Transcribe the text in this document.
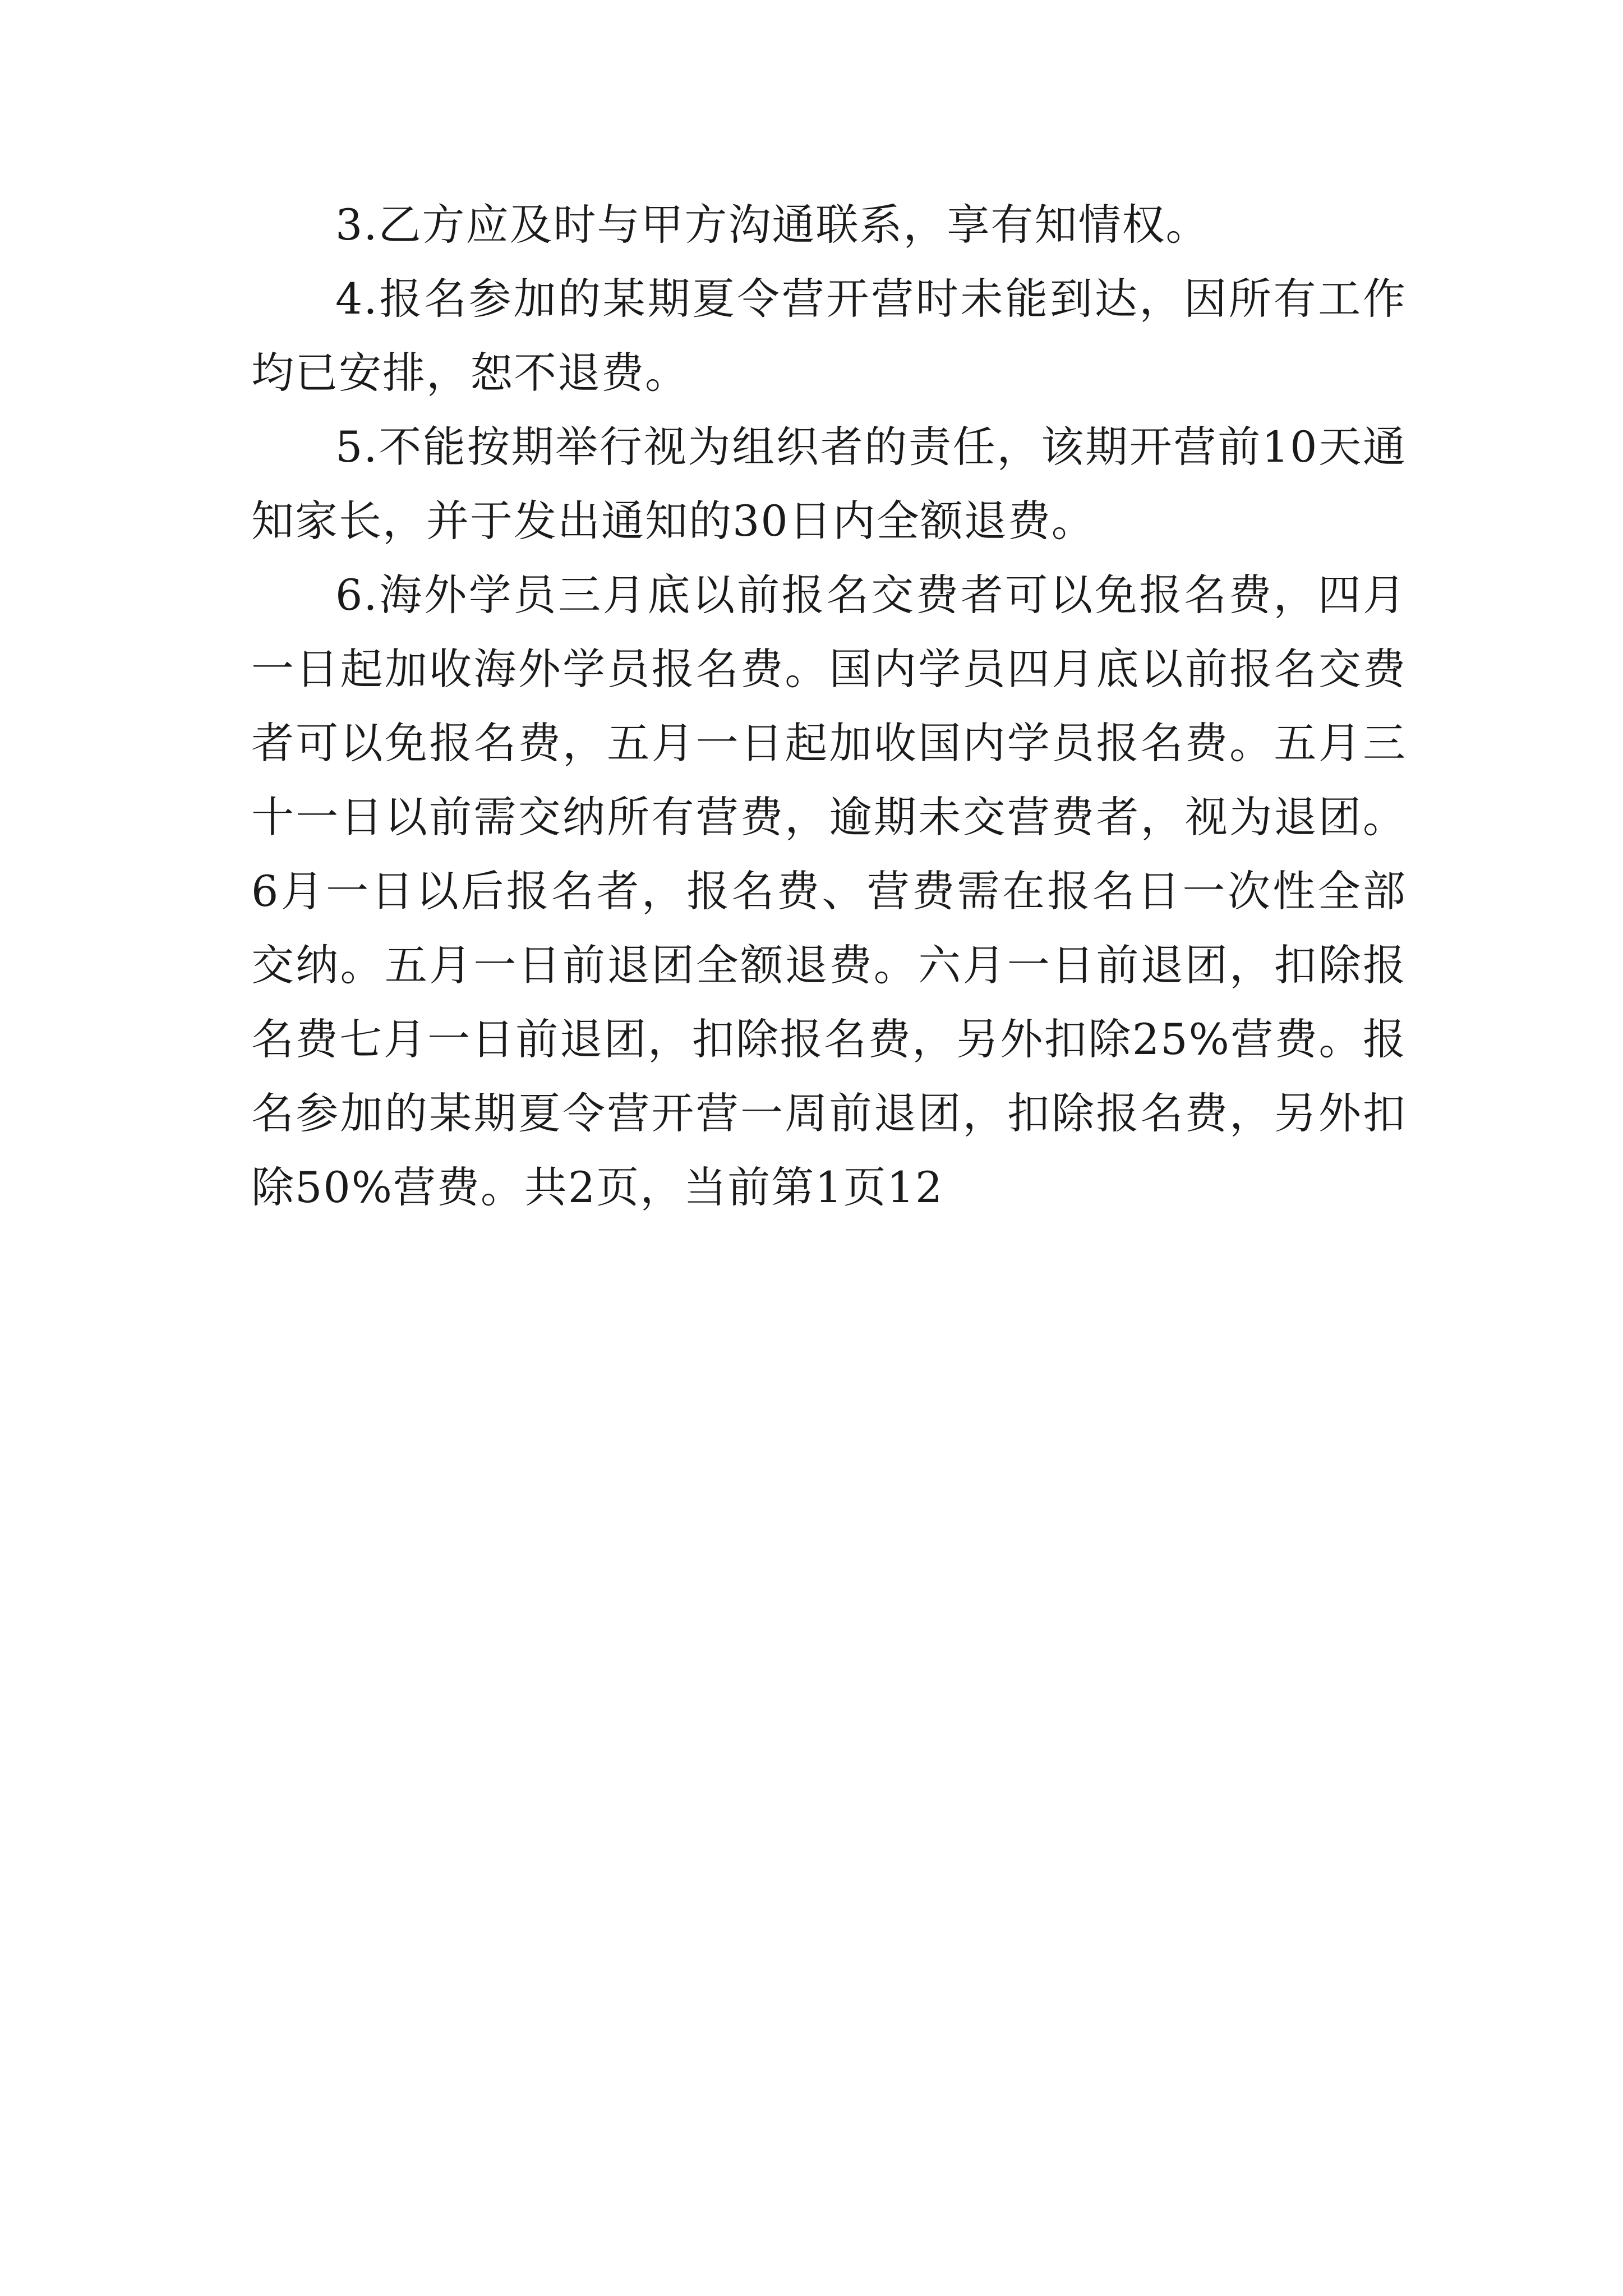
3.乙方应及时与甲方沟通联系，享有知情权。

4.报名参加的某期夏令营开营时未能到达，因所有工作均已安排，恕不退费。

5.不能按期举行视为组织者的责任，该期开营前10天通知家长，并于发出通知的30日内全额退费。

6.海外学员三月底以前报名交费者可以免报名费，四月一日起加收海外学员报名费。国内学员四月底以前报名交费者可以免报名费，五月一日起加收国内学员报名费。五月三十一日以前需交纳所有营费，逾期未交营费者，视为退团。6月一日以后报名者，报名费、营费需在报名日一次性全部交纳。五月一日前退团全额退费。六月一日前退团，扣除报名费七月一日前退团，扣除报名费，另外扣除25%营费。报名参加的某期夏令营开营一周前退团，扣除报名费，另外扣除50%营费。共2页，当前第1页12
